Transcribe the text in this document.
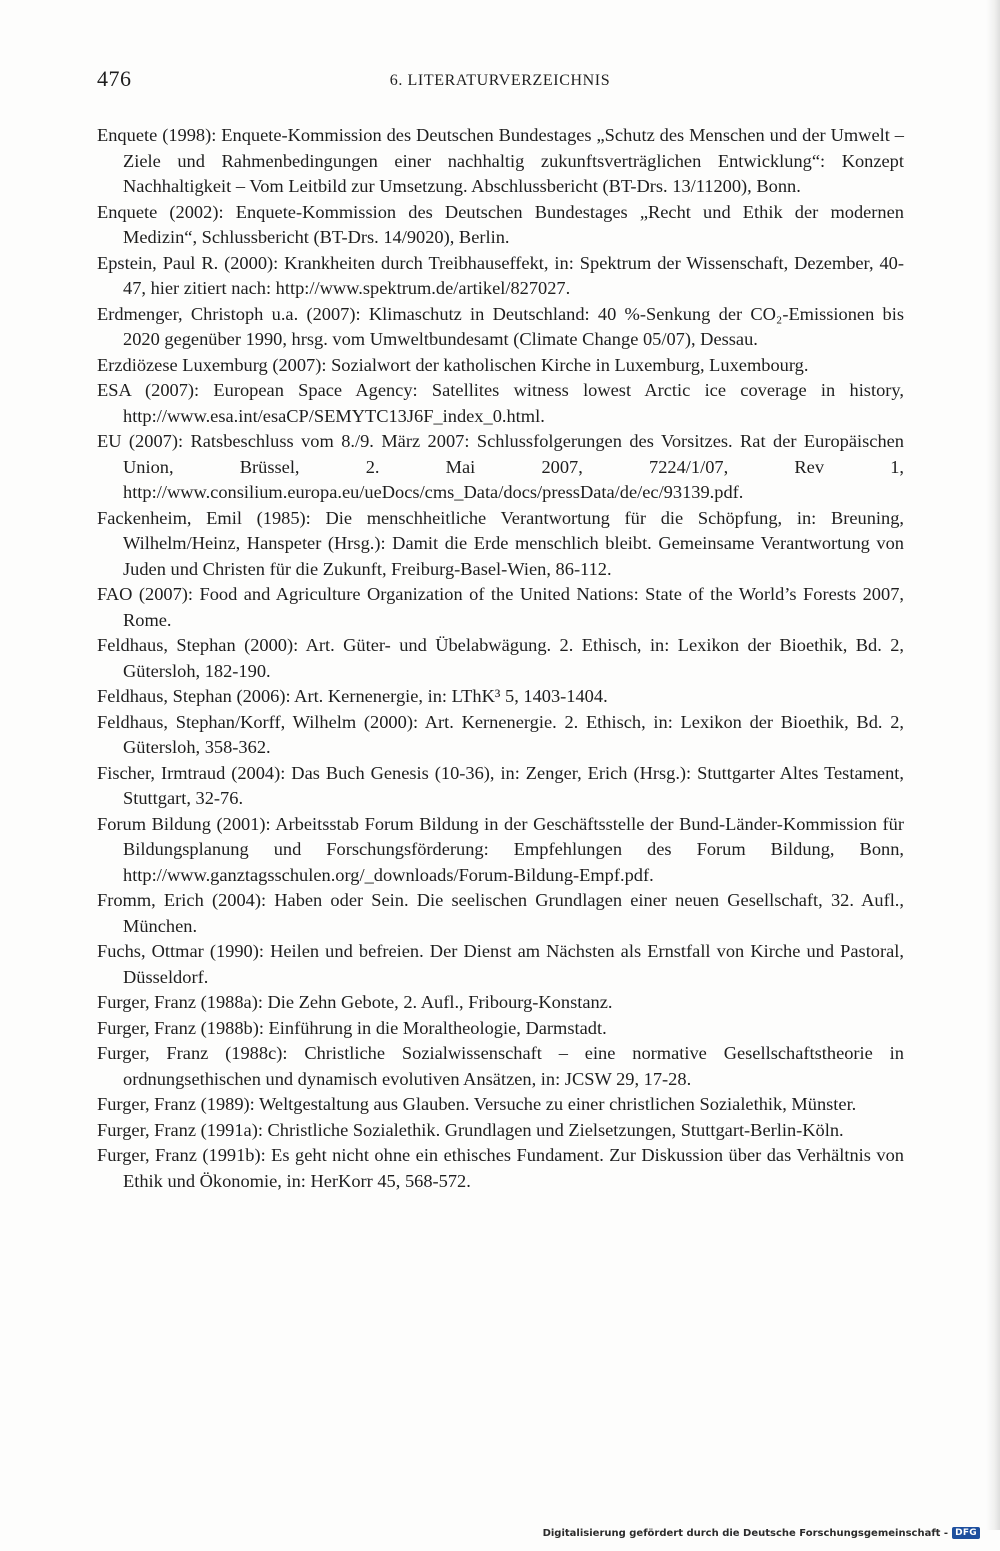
476	6. LITERATURVERZEICHNIS
Enquete (1998): Enquete-Kommission des Deutschen Bundestages „Schutz des Menschen und der Umwelt – Ziele und Rahmenbedingungen einer nachhaltig zukunftsverträglichen Entwicklung“: Konzept Nachhaltigkeit – Vom Leitbild zur Umsetzung. Abschlussbericht (BT-Drs. 13/11200), Bonn.
Enquete (2002): Enquete-Kommission des Deutschen Bundestages „Recht und Ethik der modernen Medizin“, Schlussbericht (BT-Drs. 14/9020), Berlin.
Epstein, Paul R. (2000): Krankheiten durch Treibhauseffekt, in: Spektrum der Wissenschaft, Dezember, 40-47, hier zitiert nach: http://www.spektrum.de/artikel/827027.
Erdmenger, Christoph u.a. (2007): Klimaschutz in Deutschland: 40 %-Senkung der CO₂-Emissionen bis 2020 gegenüber 1990, hrsg. vom Umweltbundesamt (Climate Change 05/07), Dessau.
Erzdiözese Luxemburg (2007): Sozialwort der katholischen Kirche in Luxemburg, Luxembourg.
ESA (2007): European Space Agency: Satellites witness lowest Arctic ice coverage in history, http://www.esa.int/esaCP/SEMYTC13J6F_index_0.html.
EU (2007): Ratsbeschluss vom 8./9. März 2007: Schlussfolgerungen des Vorsitzes. Rat der Europäischen Union, Brüssel, 2. Mai 2007, 7224/1/07, Rev 1, http://www.consilium.europa.eu/ueDocs/cms_Data/docs/pressData/de/ec/93139.pdf.
Fackenheim, Emil (1985): Die menschheitliche Verantwortung für die Schöpfung, in: Breuning, Wilhelm/Heinz, Hanspeter (Hrsg.): Damit die Erde menschlich bleibt. Gemeinsame Verantwortung von Juden und Christen für die Zukunft, Freiburg-Basel-Wien, 86-112.
FAO (2007): Food and Agriculture Organization of the United Nations: State of the World’s Forests 2007, Rome.
Feldhaus, Stephan (2000): Art. Güter- und Übelabwägung. 2. Ethisch, in: Lexikon der Bioethik, Bd. 2, Gütersloh, 182-190.
Feldhaus, Stephan (2006): Art. Kernenergie, in: LThK³ 5, 1403-1404.
Feldhaus, Stephan/Korff, Wilhelm (2000): Art. Kernenergie. 2. Ethisch, in: Lexikon der Bioethik, Bd. 2, Gütersloh, 358-362.
Fischer, Irmtraud (2004): Das Buch Genesis (10-36), in: Zenger, Erich (Hrsg.): Stuttgarter Altes Testament, Stuttgart, 32-76.
Forum Bildung (2001): Arbeitsstab Forum Bildung in der Geschäftsstelle der Bund-Länder-Kommission für Bildungsplanung und Forschungsförderung: Empfehlungen des Forum Bildung, Bonn, http://www.ganztagsschulen.org/_downloads/Forum-Bildung-Empf.pdf.
Fromm, Erich (2004): Haben oder Sein. Die seelischen Grundlagen einer neuen Gesellschaft, 32. Aufl., München.
Fuchs, Ottmar (1990): Heilen und befreien. Der Dienst am Nächsten als Ernstfall von Kirche und Pastoral, Düsseldorf.
Furger, Franz (1988a): Die Zehn Gebote, 2. Aufl., Fribourg-Konstanz.
Furger, Franz (1988b): Einführung in die Moraltheologie, Darmstadt.
Furger, Franz (1988c): Christliche Sozialwissenschaft – eine normative Gesellschaftstheorie in ordnungsethischen und dynamisch evolutiven Ansätzen, in: JCSW 29, 17-28.
Furger, Franz (1989): Weltgestaltung aus Glauben. Versuche zu einer christlichen Sozialethik, Münster.
Furger, Franz (1991a): Christliche Sozialethik. Grundlagen und Zielsetzungen, Stuttgart-Berlin-Köln.
Furger, Franz (1991b): Es geht nicht ohne ein ethisches Fundament. Zur Diskussion über das Verhältnis von Ethik und Ökonomie, in: HerKorr 45, 568-572.
Digitalisierung gefördert durch die Deutsche Forschungsgemeinschaft - DFG
